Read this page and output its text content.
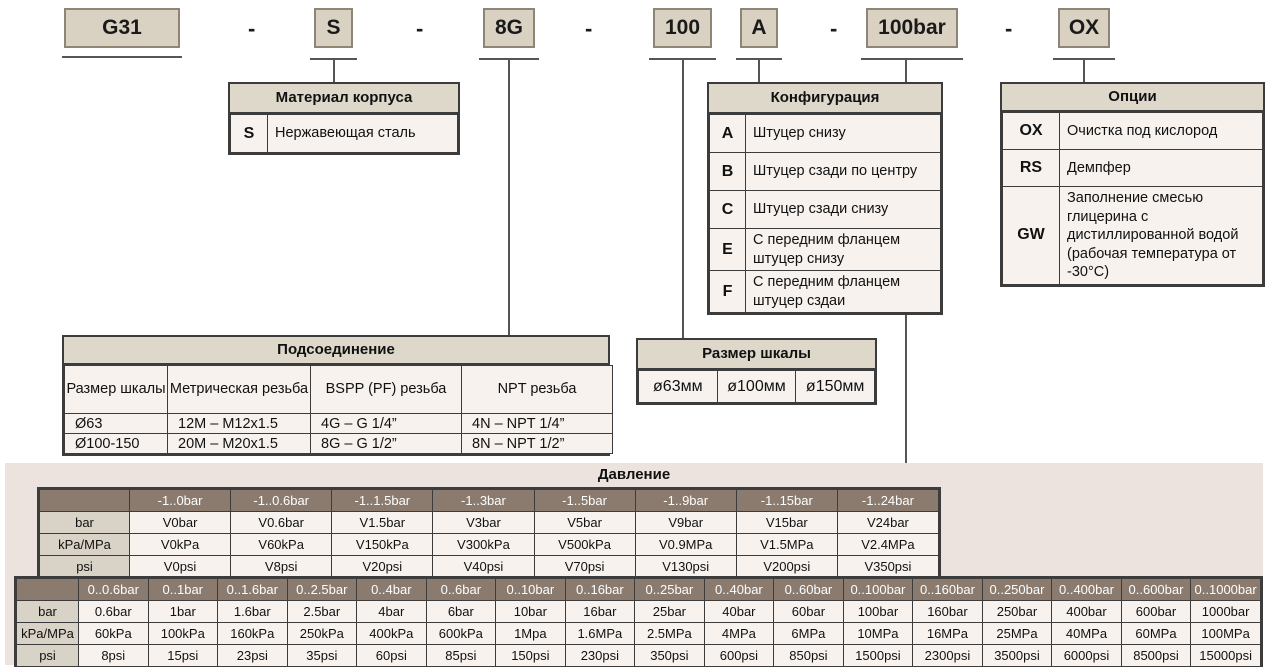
G31	-	S	-	8G	-	100 A	- 100bar	-	OX
Материал корпуса
S	Нержавеющая сталь
Конфигурация
A	Штуцер снизу
B	Штуцер сзади по центру
C	Штуцер сзади снизу
E	С передним фланцем штуцер снизу
F	С передним фланцем штуцер сздаи
Опции
OX	Очистка под кислород
RS	Демпфер
GW	Заполнение смесью глицерина с дистиллированной водой (рабочая температура от -30°C)
Подсоединение
Размер шкалы	Метрическая резьба	BSPP (PF) резьба	NPT резьба
Ø63	12M – M12x1.5	4G – G 1/4”	4N – NPT 1/4”
Ø100-150	20M – M20x1.5	8G – G 1/2”	8N – NPT 1/2”
Размер шкалы
ø63мм	ø100мм	ø150мм
Давление
	-1..0bar	-1..0.6bar	-1..1.5bar	-1..3bar	-1..5bar	-1..9bar	-1..15bar	-1..24bar
bar	V0bar	V0.6bar	V1.5bar	V3bar	V5bar	V9bar	V15bar	V24bar
kPa/MPa	V0kPa	V60kPa	V150kPa	V300kPa	V500kPa	V0.9MPa	V1.5MPa	V2.4MPa
psi	V0psi	V8psi	V20psi	V40psi	V70psi	V130psi	V200psi	V350psi
	0..0.6bar	0..1bar	0..1.6bar	0..2.5bar	0..4bar	0..6bar	0..10bar	0..16bar	0..25bar	0..40bar	0..60bar	0..100bar	0..160bar	0..250bar	0..400bar	0..600bar	0..1000bar
bar	0.6bar	1bar	1.6bar	2.5bar	4bar	6bar	10bar	16bar	25bar	40bar	60bar	100bar	160bar	250bar	400bar	600bar	1000bar
kPa/MPa	60kPa	100kPa	160kPa	250kPa	400kPa	600kPa	1Mpa	1.6MPa	2.5MPa	4MPa	6MPa	10MPa	16MPa	25MPa	40MPa	60MPa	100MPa
psi	8psi	15psi	23psi	35psi	60psi	85psi	150psi	230psi	350psi	600psi	850psi	1500psi	2300psi	3500psi	6000psi	8500psi	15000psi
